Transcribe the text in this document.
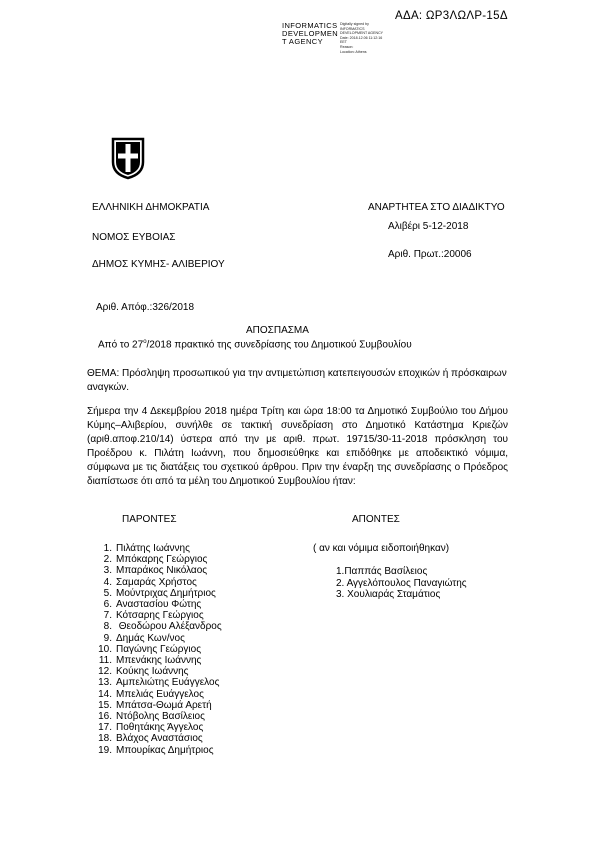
ΑΔΑ: ΩΡ3ΛΩΛΡ-15Δ
INFORMATICS
DEVELOPMEN
T AGENCY
Digitally signed by
INFORMATICS
DEVELOPMENT AGENCY
Date: 2018.12.06 11:12:16
EET
Reason:
Location: Athens
ΕΛΛΗΝΙΚΗ ΔΗΜΟΚΡΑΤΙΑ
ΝΟΜΟΣ ΕΥΒΟΙΑΣ
ΔΗΜΟΣ ΚΥΜΗΣ- ΑΛΙΒΕΡΙΟΥ
ΑΝΑΡΤΗΤΕΑ ΣΤΟ ΔΙΑΔΙΚΤΥΟ
Αλιβέρι 5-12-2018
Αριθ. Πρωτ.:20006
Αριθ. Απόφ.:326/2018
ΑΠΟΣΠΑΣΜΑ
Από το $27^o/2018$ πρακτικό της συνεδρίασης του Δημοτικού Συμβουλίου
ΘΕΜΑ: Πρόσληψη προσωπικού για την αντιμετώπιση κατεπειγουσών εποχικών ή πρόσκαιρων αναγκών.
Σήμερα την 4 Δεκεμβρίου 2018 ημέρα Τρίτη και ώρα 18:00 τα Δημοτικό Συμβούλιο του Δήμου Κύμης–Αλιβερίου, συνήλθε σε τακτική συνεδρίαση στο Δημοτικό Κατάστημα Κριεζών (αριθ.αποφ.210/14) ύστερα από την με αριθ. πρωτ. 19715/30-11-2018 πρόσκληση του Προέδρου κ. Πιλάτη Ιωάννη, που δημοσιεύθηκε και επιδόθηκε με αποδεικτικό νόμιμα, σύμφωνα με τις διατάξεις του σχετικού άρθρου. Πριν την έναρξη της συνεδρίασης ο Πρόεδρος διαπίστωσε ότι από τα μέλη του Δημοτικού Συμβουλίου ήταν:
ΠΑΡΟΝΤΕΣ	ΑΠΟΝΤΕΣ
1. Πιλάτης Ιωάννης
2. Μπόκαρης Γεώργιος
3. Μπαράκος Νικόλαος
4. Σαμαράς Χρήστος
5. Μούντριχας Δημήτριος
6. Αναστασίου Φώτης
7. Κότσαρης Γεώργιος
8. Θεοδώρου Αλέξανδρος
9. Δημάς Κων/νος
10. Παγώνης Γεώργιος
11. Μπενάκης Ιωάννης
12. Κούκης Ιωάννης
13. Αμπελιώτης Ευάγγελος
14. Μπελιάς Ευάγγελος
15. Μπάτσα-Θωμά Αρετή
16. Ντόβολης Βασίλειος
17. Ποθητάκης Άγγελος
18. Βλάχος Αναστάσιος
19. Μπουρίκας Δημήτριος
( αν και νόμιμα ειδοποιήθηκαν)
1.Παππάς Βασίλειος
2. Αγγελόπουλος Παναγιώτης
3. Χουλιαράς Σταμάτιος
